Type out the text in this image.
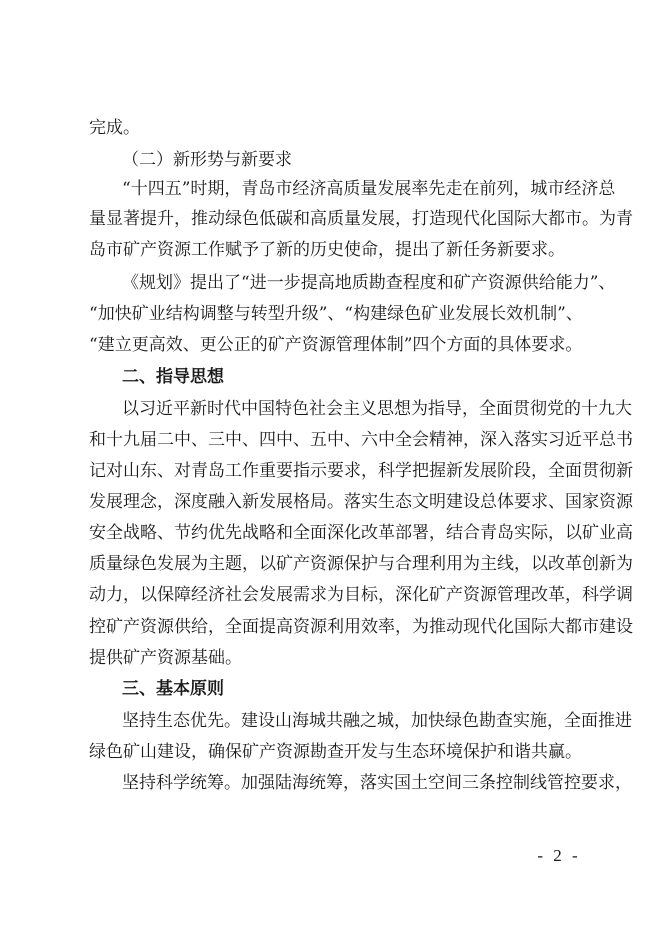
完成。
（二）新形势与新要求
“十四五”时期，青岛市经济高质量发展率先走在前列，城市经济总
量显著提升，推动绿色低碳和高质量发展，打造现代化国际大都市。为青
岛市矿产资源工作赋予了新的历史使命，提出了新任务新要求。
《规划》提出了“进一步提高地质勘查程度和矿产资源供给能力”、
“加快矿业结构调整与转型升级”、“构建绿色矿业发展长效机制”、
“建立更高效、更公正的矿产资源管理体制”四个方面的具体要求。
二、指导思想
以习近平新时代中国特色社会主义思想为指导，全面贯彻党的十九大
和十九届二中、三中、四中、五中、六中全会精神，深入落实习近平总书
记对山东、对青岛工作重要指示要求，科学把握新发展阶段，全面贯彻新
发展理念，深度融入新发展格局。落实生态文明建设总体要求、国家资源
安全战略、节约优先战略和全面深化改革部署，结合青岛实际，以矿业高
质量绿色发展为主题，以矿产资源保护与合理利用为主线，以改革创新为
动力，以保障经济社会发展需求为目标，深化矿产资源管理改革，科学调
控矿产资源供给，全面提高资源利用效率，为推动现代化国际大都市建设
提供矿产资源基础。
三、基本原则
坚持生态优先。建设山海城共融之城，加快绿色勘查实施，全面推进
绿色矿山建设，确保矿产资源勘查开发与生态环境保护和谐共赢。
坚持科学统筹。加强陆海统筹，落实国土空间三条控制线管控要求，
- 2 -
